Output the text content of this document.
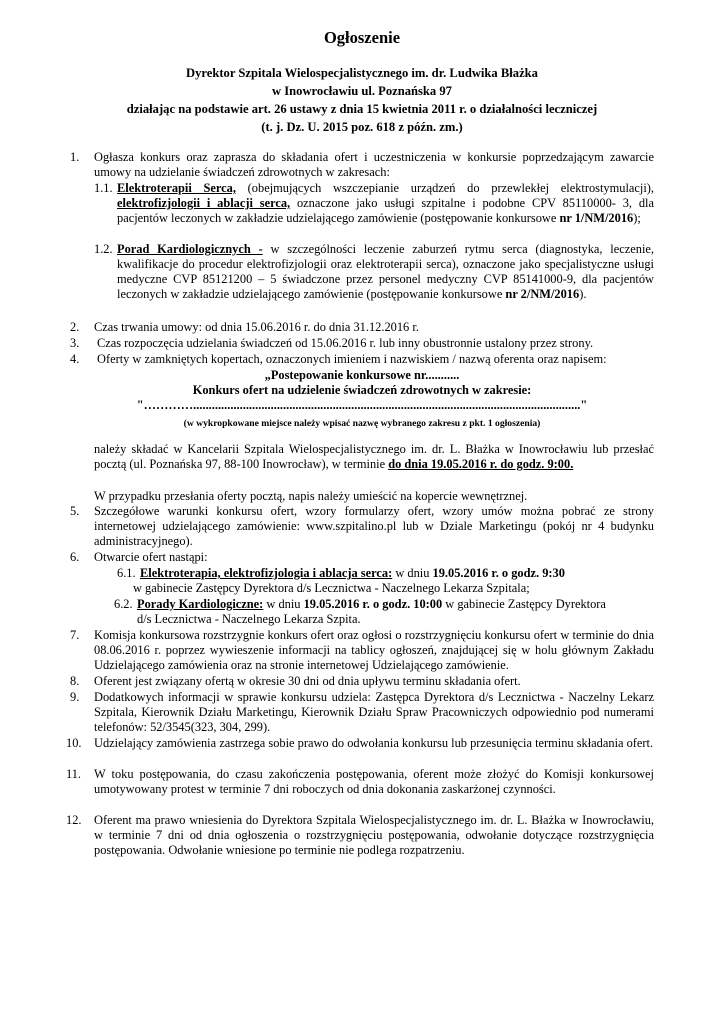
Ogłoszenie
Dyrektor Szpitala Wielospecjalistycznego im. dr. Ludwika Błażka
w Inowrocławiu ul. Poznańska 97
działając na podstawie art. 26 ustawy z dnia 15 kwietnia 2011 r. o działalności leczniczej
(t. j. Dz. U. 2015 poz. 618 z późn. zm.)
1. Ogłasza konkurs oraz zaprasza do składania ofert i uczestniczenia w konkursie poprzedzającym zawarcie umowy na udzielanie świadczeń zdrowotnych w zakresach:
1.1. Elektroterapii Serca, (obejmujących wszczepianie urządzeń do przewlekłej elektrostymulacji), elektrofizjologii i ablacji serca, oznaczone jako usługi szpitalne i podobne CPV 85110000- 3, dla pacjentów leczonych w zakładzie udzielającego zamówienie (postępowanie konkursowe nr 1/NM/2016);
1.2. Porad Kardiologicznych - w szczególności leczenie zaburzeń rytmu serca (diagnostyka, leczenie, kwalifikacje do procedur elektrofizjologii oraz elektroterapii serca), oznaczone jako specjalistyczne usługi medyczne CVP 85121200 – 5 świadczone przez personel medyczny CVP 85141000-9, dla pacjentów leczonych w zakładzie udzielającego zamówienie (postępowanie konkursowe nr 2/NM/2016).
2. Czas trwania umowy: od dnia 15.06.2016 r. do dnia 31.12.2016 r.
3. Czas rozpoczęcia udzielania świadczeń od 15.06.2016 r. lub inny obustronnie ustalony przez strony.
4. Oferty w zamkniętych kopertach, oznaczonych imieniem i nazwiskiem / nazwą oferenta oraz napisem:
„Postepowanie konkursowe nr...........
Konkurs ofert na udzielenie świadczeń zdrowotnych w zakresie:
"…………............................................................................................................................."
(w wykropkowane miejsce należy wpisać nazwę wybranego zakresu z pkt. 1 ogłoszenia)
należy składać w Kancelarii Szpitala Wielospecjalistycznego im. dr. L. Błażka w Inowrocławiu lub przesłać pocztą (ul. Poznańska 97, 88-100 Inowrocław), w terminie do dnia 19.05.2016 r. do godz. 9:00.
W przypadku przesłania oferty pocztą, napis należy umieścić na kopercie wewnętrznej.
5. Szczegółowe warunki konkursu ofert, wzory formularzy ofert, wzory umów można pobrać ze strony internetowej udzielającego zamówienie: www.szpitalino.pl lub w Dziale Marketingu (pokój nr 4 budynku administracyjnego).
6. Otwarcie ofert nastąpi:
6.1. Elektroterapia, elektrofizjologia i ablacja serca: w dniu 19.05.2016 r. o godz. 9:30
w gabinecie Zastępcy Dyrektora d/s Lecznictwa - Naczelnego Lekarza Szpitala;
6.2. Porady Kardiologiczne: w dniu 19.05.2016 r. o godz. 10:00 w gabinecie Zastępcy Dyrektora
d/s Lecznictwa - Naczelnego Lekarza Szpita.
7. Komisja konkursowa rozstrzygnie konkurs ofert oraz ogłosi o rozstrzygnięciu konkursu ofert w terminie do dnia 08.06.2016 r. poprzez wywieszenie informacji na tablicy ogłoszeń, znajdującej się w holu głównym Zakładu Udzielającego zamówienia oraz na stronie internetowej Udzielającego zamówienie.
8. Oferent jest związany ofertą w okresie 30 dni od dnia upływu terminu składania ofert.
9. Dodatkowych informacji w sprawie konkursu udziela: Zastępca Dyrektora d/s Lecznictwa - Naczelny Lekarz Szpitala, Kierownik Działu Marketingu, Kierownik Działu Spraw Pracowniczych odpowiednio pod numerami telefonów: 52/3545(323, 304, 299).
10. Udzielający zamówienia zastrzega sobie prawo do odwołania konkursu lub przesunięcia terminu składania ofert.
11. W toku postępowania, do czasu zakończenia postępowania, oferent może złożyć do Komisji konkursowej umotywowany protest w terminie 7 dni roboczych od dnia dokonania zaskarżonej czynności.
12. Oferent ma prawo wniesienia do Dyrektora Szpitala Wielospecjalistycznego im. dr. L. Błażka w Inowrocławiu, w terminie 7 dni od dnia ogłoszenia o rozstrzygnięciu postępowania, odwołanie dotyczące rozstrzygnięcia postępowania. Odwołanie wniesione po terminie nie podlega rozpatrzeniu.
